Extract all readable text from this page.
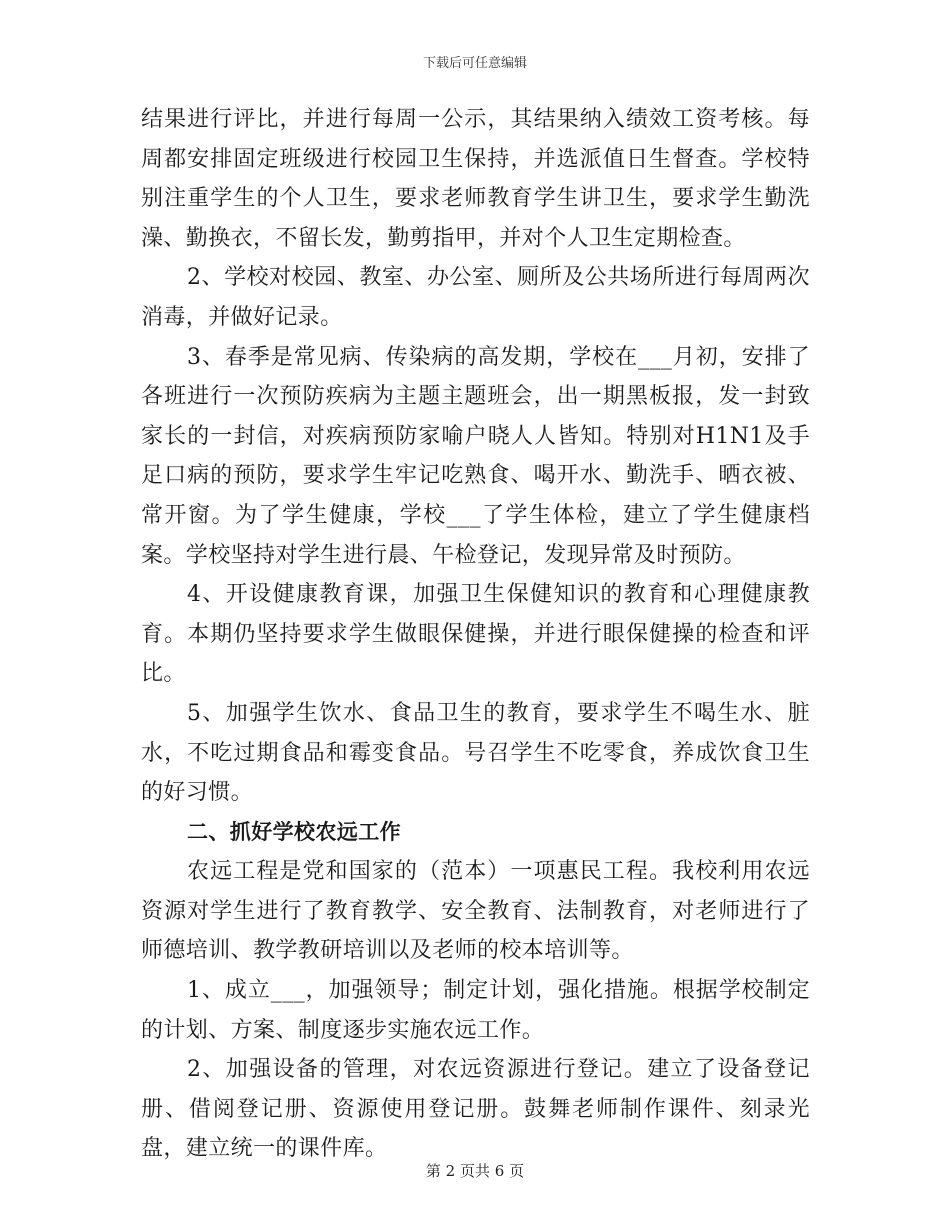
下载后可任意编辑

结果进行评比，并进行每周一公示，其结果纳入绩效工资考核。每周都安排固定班级进行校园卫生保持，并选派值日生督查。学校特别注重学生的个人卫生，要求老师教育学生讲卫生，要求学生勤洗澡、勤换衣，不留长发，勤剪指甲，并对个人卫生定期检查。

2、学校对校园、教室、办公室、厕所及公共场所进行每周两次消毒，并做好记录。

3、春季是常见病、传染病的高发期，学校在___月初，安排了各班进行一次预防疾病为主题主题班会，出一期黑板报，发一封致家长的一封信，对疾病预防家喻户晓人人皆知。特别对H1N1及手足口病的预防，要求学生牢记吃熟食、喝开水、勤洗手、晒衣被、常开窗。为了学生健康，学校___了学生体检，建立了学生健康档案。学校坚持对学生进行晨、午检登记，发现异常及时预防。

4、开设健康教育课，加强卫生保健知识的教育和心理健康教育。本期仍坚持要求学生做眼保健操，并进行眼保健操的检查和评比。

5、加强学生饮水、食品卫生的教育，要求学生不喝生水、脏水，不吃过期食品和霉变食品。号召学生不吃零食，养成饮食卫生的好习惯。

二、抓好学校农远工作

农远工程是党和国家的（范本）一项惠民工程。我校利用农远资源对学生进行了教育教学、安全教育、法制教育，对老师进行了师德培训、教学教研培训以及老师的校本培训等。

1、成立___，加强领导；制定计划，强化措施。根据学校制定的计划、方案、制度逐步实施农远工作。

2、加强设备的管理，对农远资源进行登记。建立了设备登记册、借阅登记册、资源使用登记册。鼓舞老师制作课件、刻录光盘，建立统一的课件库。

第 2 页共 6 页
